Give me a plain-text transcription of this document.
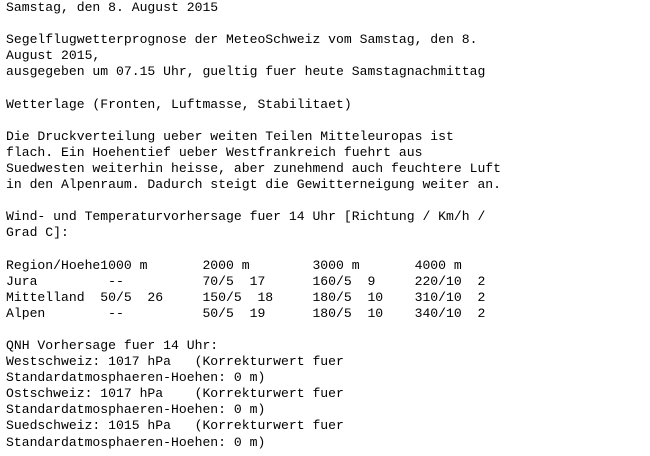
Samstag, den 8. August 2015
Segelflugwetterprognose der MeteoSchweiz vom Samstag, den 8.
August 2015,
ausgegeben um 07.15 Uhr, gueltig fuer heute Samstagnachmittag
Wetterlage (Fronten, Luftmasse, Stabilitaet)
Die Druckverteilung ueber weiten Teilen Mitteleuropas ist
flach. Ein Hoehentief ueber Westfrankreich fuehrt aus
Suedwesten weiterhin heisse, aber zunehmend auch feuchtere Luft
in den Alpenraum. Dadurch steigt die Gewitterneigung weiter an.
Wind- und Temperaturvorhersage fuer 14 Uhr [Richtung / Km/h /
Grad C]:
Region/Hoehe1000 m       2000 m        3000 m       4000 m
Jura         --          70/5  17      160/5  9     220/10  2
Mittelland  50/5  26     150/5  18     180/5  10    310/10  2
Alpen        --          50/5  19      180/5  10    340/10  2
QNH Vorhersage fuer 14 Uhr:
Westschweiz: 1017 hPa   (Korrekturwert fuer
Standardatmosphaeren-Hoehen: 0 m)
Ostschweiz: 1017 hPa    (Korrekturwert fuer
Standardatmosphaeren-Hoehen: 0 m)
Suedschweiz: 1015 hPa   (Korrekturwert fuer
Standardatmosphaeren-Hoehen: 0 m)
